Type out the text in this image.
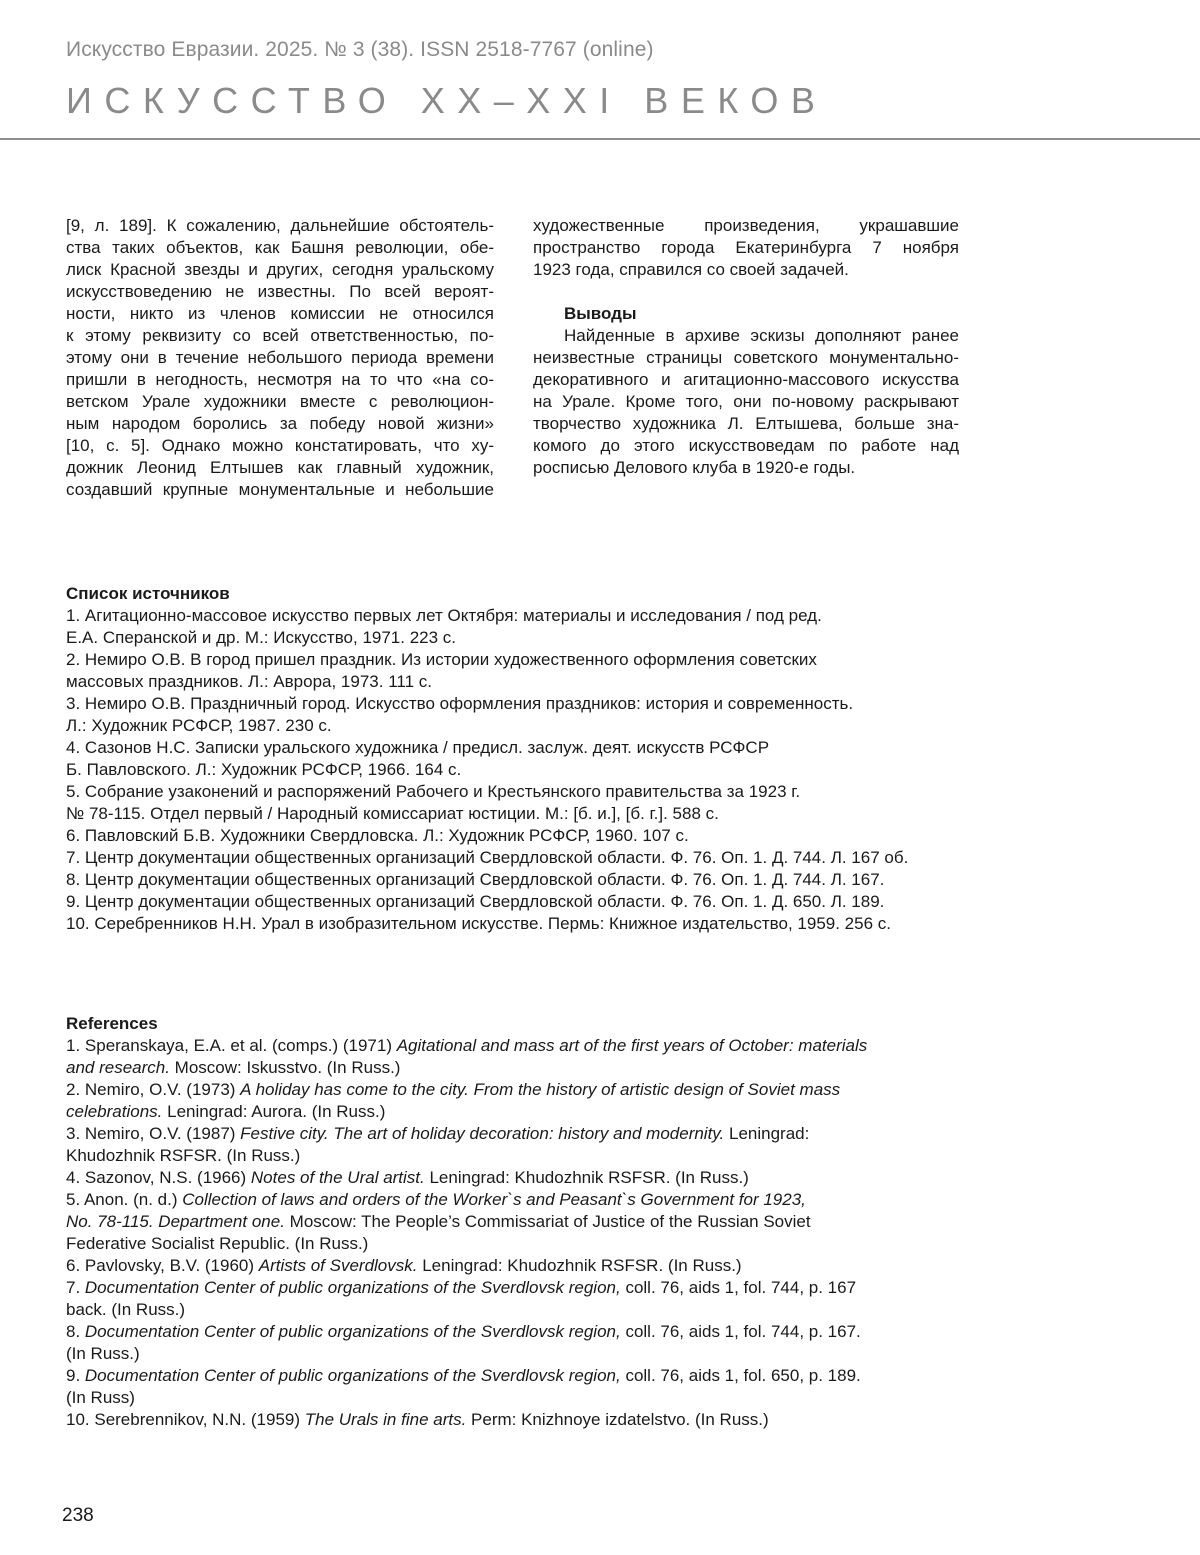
Искусство Евразии. 2025. № 3 (38). ISSN 2518-7767 (online)
ИСКУССТВО XX–XXI ВЕКОВ
[9, л. 189]. К сожалению, дальнейшие обстоятель-
ства таких объектов, как Башня революции, обе-
лиск Красной звезды и других, сегодня уральскому
искусствоведению не известны. По всей вероят-
ности, никто из членов комиссии не относился
к этому реквизиту со всей ответственностью, по-
этому они в течение небольшого периода времени
пришли в негодность, несмотря на то что «на со-
ветском Урале художники вместе с революцион-
ным народом боролись за победу новой жизни»
[10, с. 5]. Однако можно констатировать, что ху-
дожник Леонид Елтышев как главный художник,
создавший крупные монументальные и небольшие
художественные произведения, украшавшие
пространство города Екатеринбурга 7 ноября
1923 года, справился со своей задачей.
Выводы
Найденные в архиве эскизы дополняют ранее
неизвестные страницы советского монументально-
декоративного и агитационно-массового искусства
на Урале. Кроме того, они по-новому раскрывают
творчество художника Л. Елтышева, больше зна-
комого до этого искусствоведам по работе над
росписью Делового клуба в 1920-е годы.
Список источников
1. Агитационно-массовое искусство первых лет Октября: материалы и исследования / под ред.
Е.А. Сперанской и др. М.: Искусство, 1971. 223 с.
2. Немиро О.В. В город пришел праздник. Из истории художественного оформления советских
массовых праздников. Л.: Аврора, 1973. 111 с.
3. Немиро О.В. Праздничный город. Искусство оформления праздников: история и современность.
Л.: Художник РСФСР, 1987. 230 с.
4. Сазонов Н.С. Записки уральского художника / предисл. заслуж. деят. искусств РСФСР
Б. Павловского. Л.: Художник РСФСР, 1966. 164 с.
5. Собрание узаконений и распоряжений Рабочего и Крестьянского правительства за 1923 г.
№ 78-115. Отдел первый / Народный комиссариат юстиции. М.: [б. и.], [б. г.]. 588 с.
6. Павловский Б.В. Художники Свердловска. Л.: Художник РСФСР, 1960. 107 с.
7. Центр документации общественных организаций Свердловской области. Ф. 76. Оп. 1. Д. 744. Л. 167 об.
8. Центр документации общественных организаций Свердловской области. Ф. 76. Оп. 1. Д. 744. Л. 167.
9. Центр документации общественных организаций Свердловской области. Ф. 76. Оп. 1. Д. 650. Л. 189.
10. Серебренников Н.Н. Урал в изобразительном искусстве. Пермь: Книжное издательство, 1959. 256 с.
References
1. Speranskaya, E.A. et al. (comps.) (1971) Agitational and mass art of the first years of October: materials
and research. Moscow: Iskusstvo. (In Russ.)
2. Nemiro, O.V. (1973) A holiday has come to the city. From the history of artistic design of Soviet mass
celebrations. Leningrad: Aurora. (In Russ.)
3. Nemiro, O.V. (1987) Festive city. The art of holiday decoration: history and modernity. Leningrad:
Khudozhnik RSFSR. (In Russ.)
4. Sazonov, N.S. (1966) Notes of the Ural artist. Leningrad: Khudozhnik RSFSR. (In Russ.)
5. Anon. (n. d.) Collection of laws and orders of the Worker`s and Peasant`s Government for 1923,
No. 78-115. Department one. Moscow: The People’s Commissariat of Justice of the Russian Soviet
Federative Socialist Republic. (In Russ.)
6. Pavlovsky, B.V. (1960) Artists of Sverdlovsk. Leningrad: Khudozhnik RSFSR. (In Russ.)
7. Documentation Center of public organizations of the Sverdlovsk region, coll. 76, aids 1, fol. 744, p. 167
back. (In Russ.)
8. Documentation Center of public organizations of the Sverdlovsk region, coll. 76, aids 1, fol. 744, p. 167.
(In Russ.)
9. Documentation Center of public organizations of the Sverdlovsk region, coll. 76, aids 1, fol. 650, p. 189.
(In Russ)
10. Serebrennikov, N.N. (1959) The Urals in fine arts. Perm: Knizhnoye izdatelstvo. (In Russ.)
238
